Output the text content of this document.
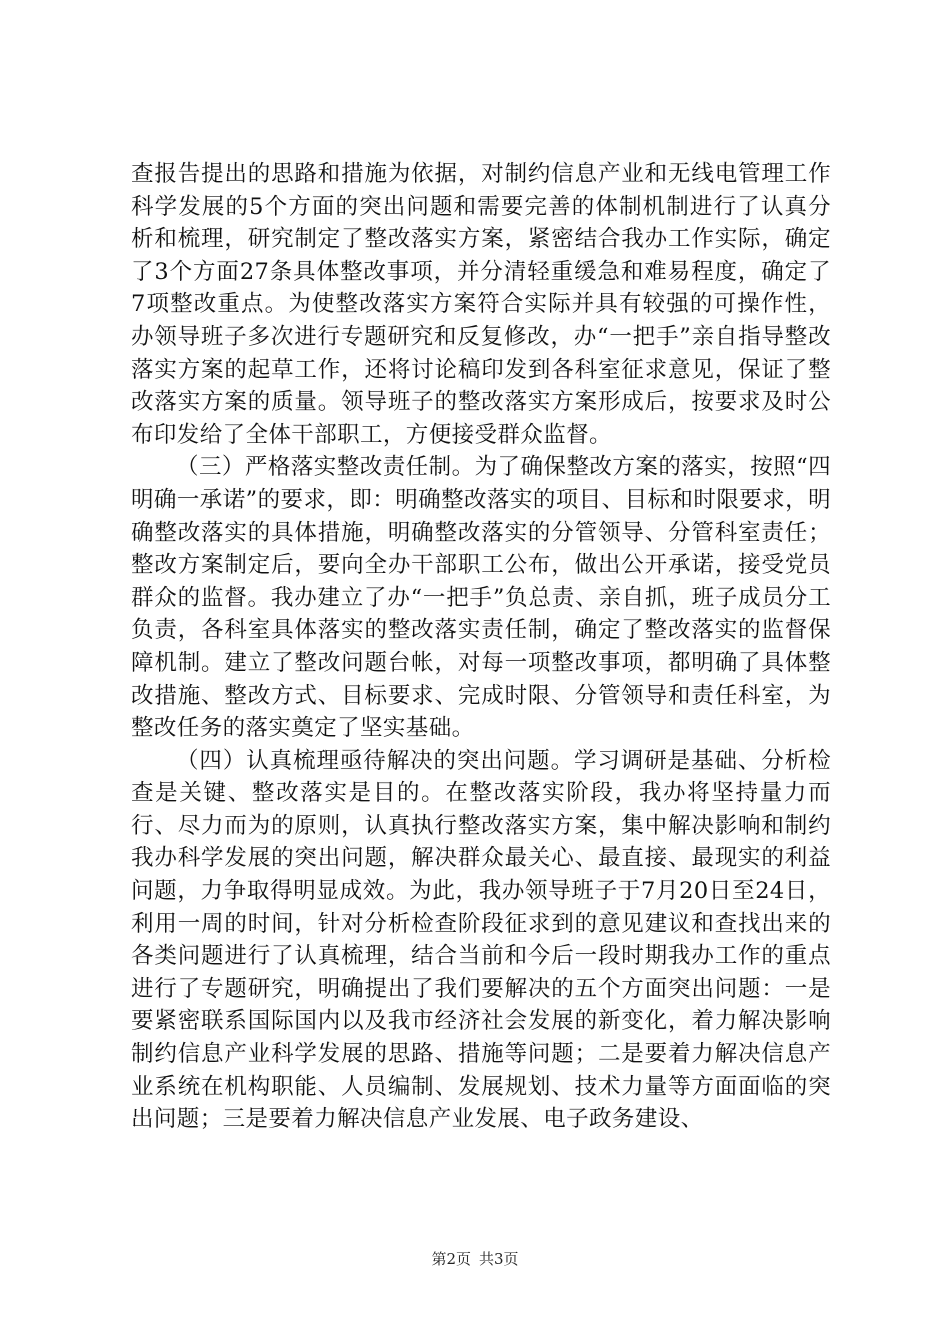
查报告提出的思路和措施为依据，对制约信息产业和无线电管理工作科学发展的5个方面的突出问题和需要完善的体制机制进行了认真分析和梳理，研究制定了整改落实方案，紧密结合我办工作实际，确定了3个方面27条具体整改事项，并分清轻重缓急和难易程度，确定了7项整改重点。为使整改落实方案符合实际并具有较强的可操作性，办领导班子多次进行专题研究和反复修改，办“一把手”亲自指导整改落实方案的起草工作，还将讨论稿印发到各科室征求意见，保证了整改落实方案的质量。领导班子的整改落实方案形成后，按要求及时公布印发给了全体干部职工，方便接受群众监督。

（三）严格落实整改责任制。为了确保整改方案的落实，按照“四明确一承诺”的要求，即：明确整改落实的项目、目标和时限要求，明确整改落实的具体措施，明确整改落实的分管领导、分管科室责任；整改方案制定后，要向全办干部职工公布，做出公开承诺，接受党员群众的监督。我办建立了办“一把手”负总责、亲自抓，班子成员分工负责，各科室具体落实的整改落实责任制，确定了整改落实的监督保障机制。建立了整改问题台帐，对每一项整改事项，都明确了具体整改措施、整改方式、目标要求、完成时限、分管领导和责任科室，为整改任务的落实奠定了坚实基础。

（四）认真梳理亟待解决的突出问题。学习调研是基础、分析检查是关键、整改落实是目的。在整改落实阶段，我办将坚持量力而行、尽力而为的原则，认真执行整改落实方案，集中解决影响和制约我办科学发展的突出问题，解决群众最关心、最直接、最现实的利益问题，力争取得明显成效。为此，我办领导班子于7月20日至24日，利用一周的时间，针对分析检查阶段征求到的意见建议和查找出来的各类问题进行了认真梳理，结合当前和今后一段时期我办工作的重点进行了专题研究，明确提出了我们要解决的五个方面突出问题：一是要紧密联系国际国内以及我市经济社会发展的新变化，着力解决影响制约信息产业科学发展的思路、措施等问题；二是要着力解决信息产业系统在机构职能、人员编制、发展规划、技术力量等方面面临的突出问题；三是要着力解决信息产业发展、电子政务建设、

第2页 共3页
